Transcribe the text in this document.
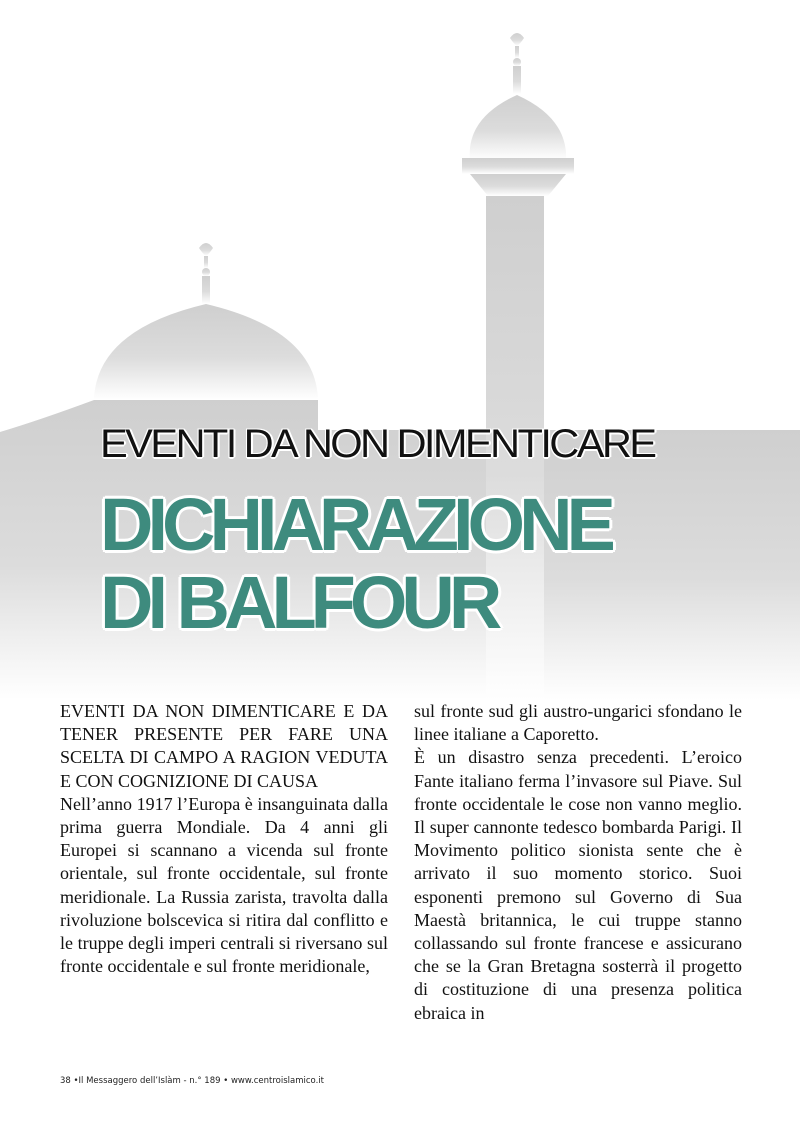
EVENTI DA NON DIMENTICARE
DICHIARAZIONE
DI BALFOUR

EVENTI DA NON DIMENTICARE E DA TENER PRESENTE PER FARE UNA SCELTA DI CAMPO A RAGION VEDUTA E CON COGNIZIONE DI CAUSA

Nell’anno 1917 l’Europa è insanguinata dalla prima guerra Mondiale. Da 4 anni gli Europei si scannano a vicenda sul fronte orientale, sul fronte occidentale, sul fronte meridionale. La Russia zarista, travolta dalla rivoluzione bolscevica si ritira dal conflitto e le truppe degli imperi centrali si riversano sul fronte occidentale e sul fronte meridionale,

sul fronte sud gli austro-ungarici sfondano le linee italiane a Caporetto.

È un disastro senza precedenti. L’eroico Fante italiano ferma l’invasore sul Piave. Sul fronte occidentale le cose non vanno meglio. Il super cannonte tedesco bombarda Parigi. Il Movimento politico sionista sente che è arrivato il suo momento storico. Suoi esponenti premono sul Governo di Sua Maestà britannica, le cui truppe stanno collassando sul fronte francese e assicurano che se la Gran Bretagna sosterrà il progetto di costituzione di una presenza politica ebraica in

38 •Il Messaggero dell’Islàm - n.° 189 • www.centroislamico.it
